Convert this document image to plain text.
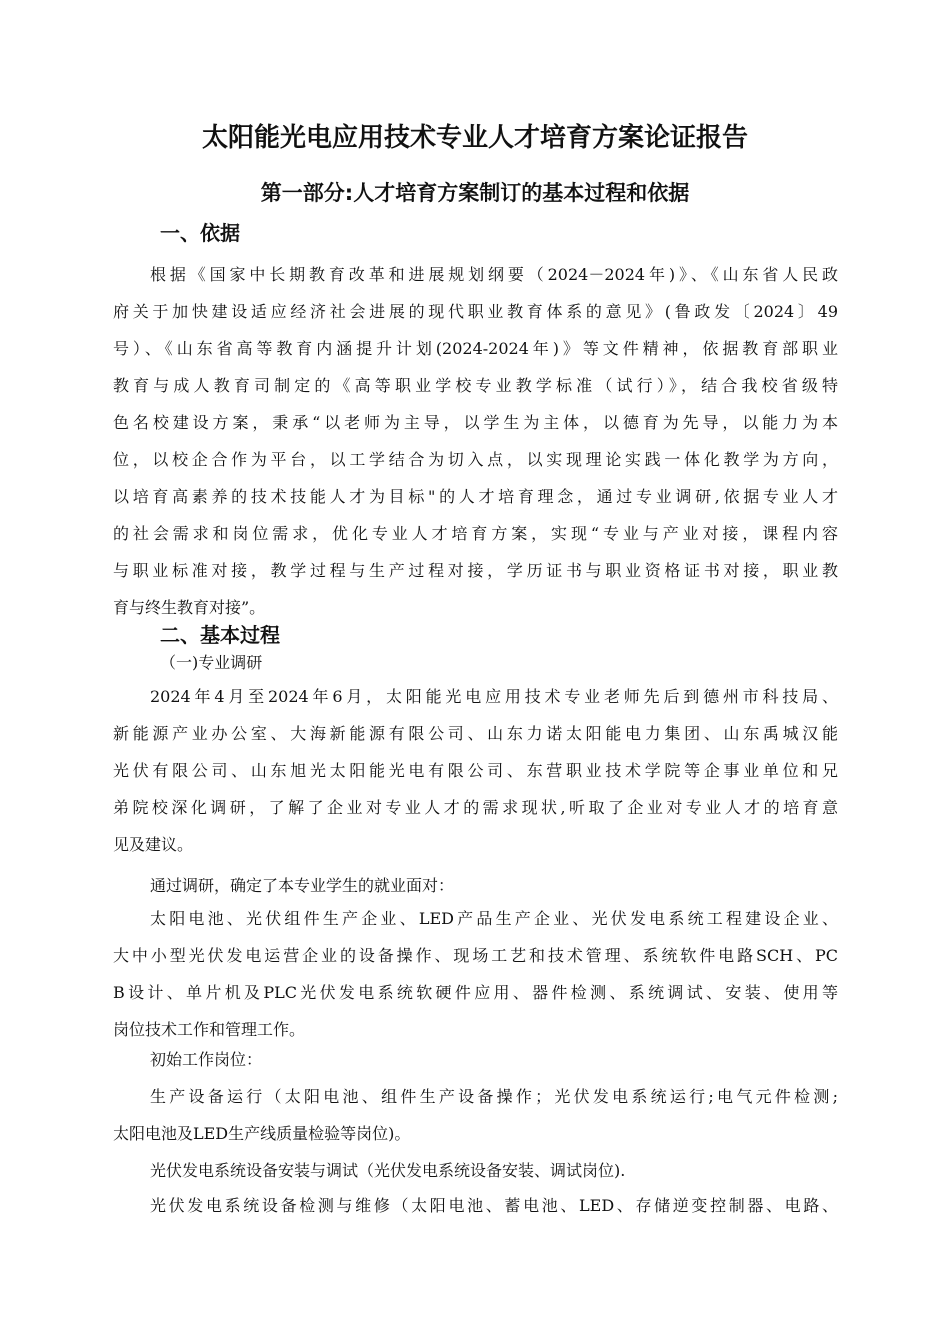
太阳能光电应用技术专业人才培育方案论证报告
第一部分:人才培育方案制订的基本过程和依据
一、依据
根据《国家中长期教育改革和进展规划纲要（2024－2024年)》、《山东省人民政
府关于加快建设适应经济社会进展的现代职业教育体系的意见》(鲁政发〔2024〕49
号）、《山东省高等教育内涵提升计划(2024-2024年)》等文件精神，依据教育部职业
教育与成人教育司制定的《高等职业学校专业教学标准（试行）》，结合我校省级特
色名校建设方案，秉承“以老师为主导，以学生为主体，以德育为先导，以能力为本
位，以校企合作为平台，以工学结合为切入点，以实现理论实践一体化教学为方向，
以培育高素养的技术技能人才为目标"的人才培育理念，通过专业调研,依据专业人才
的社会需求和岗位需求，优化专业人才培育方案，实现“专业与产业对接，课程内容
与职业标准对接，教学过程与生产过程对接，学历证书与职业资格证书对接，职业教
育与终生教育对接”。
二、基本过程
（一)专业调研
2024年4月至2024年6月，太阳能光电应用技术专业老师先后到德州市科技局、
新能源产业办公室、大海新能源有限公司、山东力诺太阳能电力集团、山东禹城汉能
光伏有限公司、山东旭光太阳能光电有限公司、东营职业技术学院等企事业单位和兄
弟院校深化调研，了解了企业对专业人才的需求现状,听取了企业对专业人才的培育意
见及建议。
通过调研，确定了本专业学生的就业面对：
太阳电池、光伏组件生产企业、LED产品生产企业、光伏发电系统工程建设企业、
大中小型光伏发电运营企业的设备操作、现场工艺和技术管理、系统软件电路SCH、PC
B设计、单片机及PLC光伏发电系统软硬件应用、器件检测、系统调试、安装、使用等
岗位技术工作和管理工作。
初始工作岗位：
生产设备运行（太阳电池、组件生产设备操作；光伏发电系统运行;电气元件检测;
太阳电池及LED生产线质量检验等岗位)。
光伏发电系统设备安装与调试（光伏发电系统设备安装、调试岗位).
光伏发电系统设备检测与维修（太阳电池、蓄电池、LED、存储逆变控制器、电路、
